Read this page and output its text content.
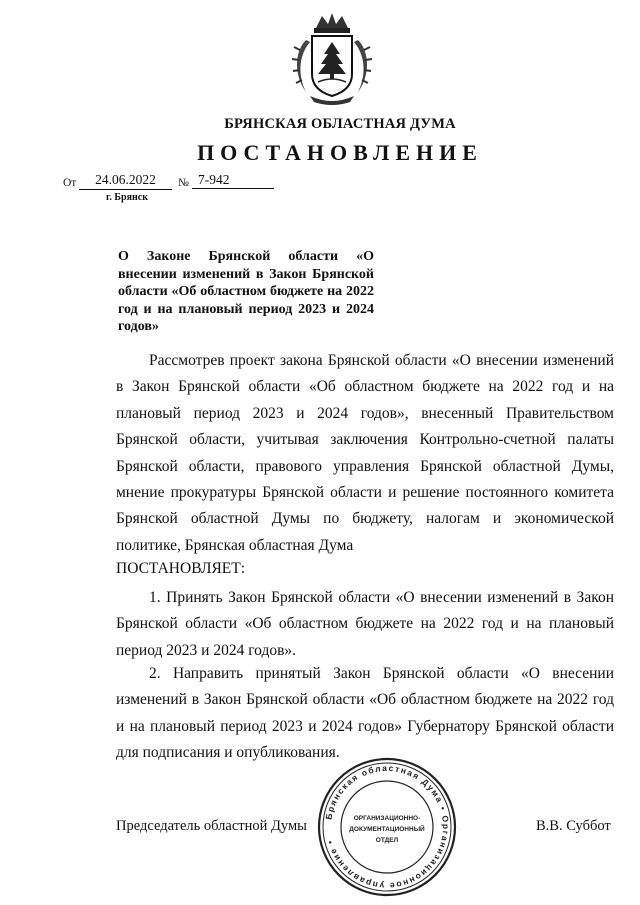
БРЯНСКАЯ ОБЛАСТНАЯ ДУМА
ПОСТАНОВЛЕНИЕ
От	24.06.2022	№ 7-942
г. Брянск
О Законе Брянской области «О внесении изменений в Закон Брянской области «Об областном бюджете на 2022 год и на плановый период 2023 и 2024 годов»
Рассмотрев проект закона Брянской области «О внесении изменений в Закон Брянской области «Об областном бюджете на 2022 год и на плановый период 2023 и 2024 годов», внесенный Правительством Брянской области, учитывая заключения Контрольно-счетной палаты Брянской области, правового управления Брянской областной Думы, мнение прокуратуры Брянской области и решение постоянного комитета Брянской областной Думы по бюджету, налогам и экономической политике, Брянская областная Дума
ПОСТАНОВЛЯЕТ:
1. Принять Закон Брянской области «О внесении изменений в Закон Брянской области «Об областном бюджете на 2022 год и на плановый период 2023 и 2024 годов».
2. Направить принятый Закон Брянской области «О внесении изменений в Закон Брянской области «Об областном бюджете на 2022 год и на плановый период 2023 и 2024 годов» Губернатору Брянской области для подписания и опубликования.
Председатель областной Думы	В.В. Суббот
Брянская областная Дума • Организационное управление •
ОРГАНИЗАЦИОННО-
ДОКУМЕНТАЦИОННЫЙ
ОТДЕЛ
